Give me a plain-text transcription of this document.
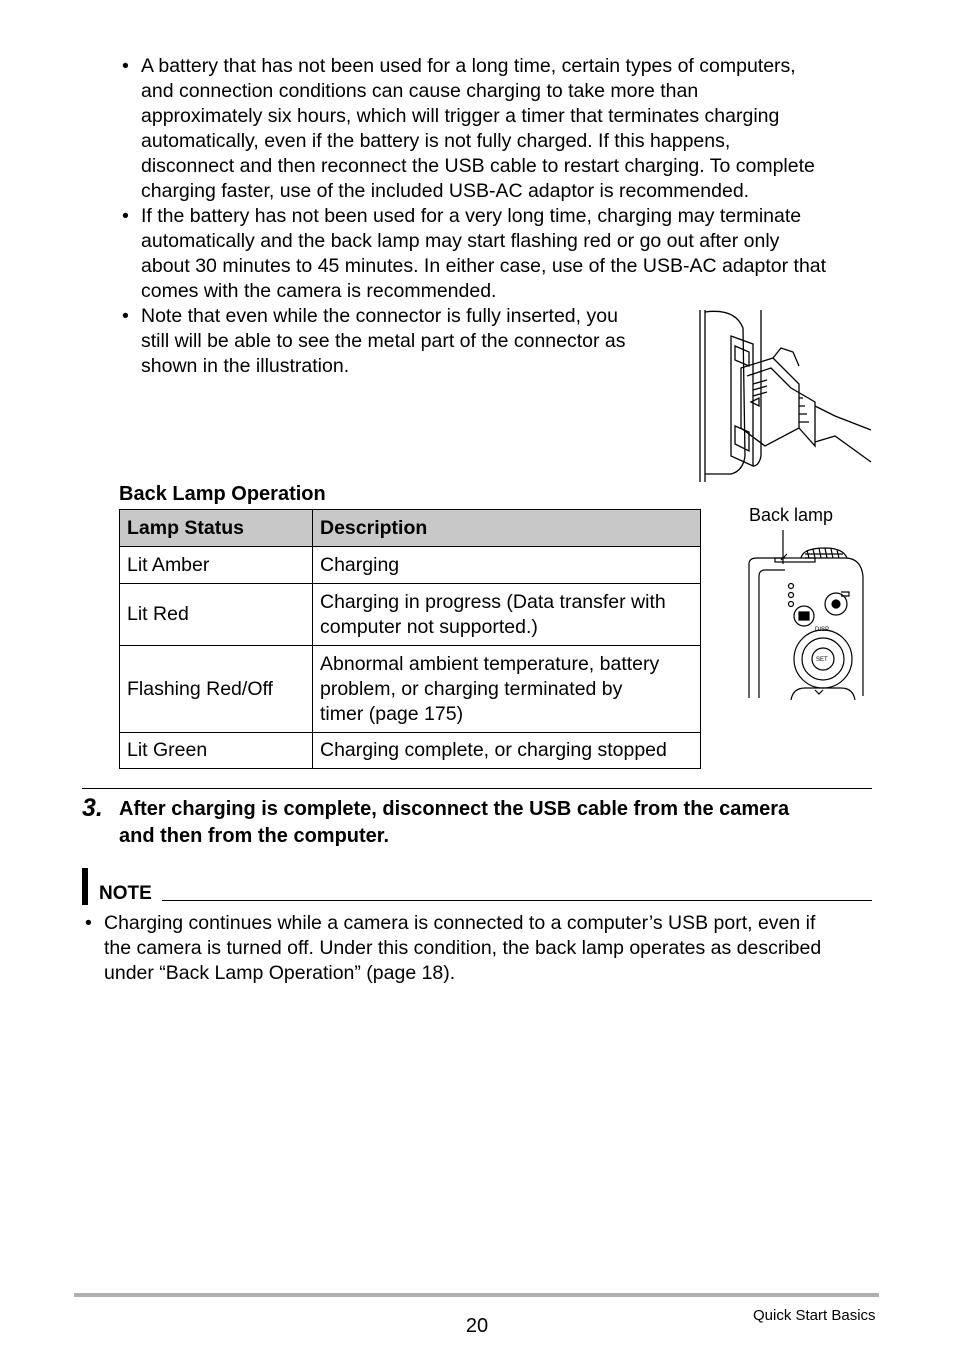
• A battery that has not been used for a long time, certain types of computers,

and connection conditions can cause charging to take more than

approximately six hours, which will trigger a timer that terminates charging

automatically, even if the battery is not fully charged. If this happens,

disconnect and then reconnect the USB cable to restart charging. To complete

charging faster, use of the included USB-AC adaptor is recommended.

• If the battery has not been used for a very long time, charging may terminate

automatically and the back lamp may start flashing red or go out after only

about 30 minutes to 45 minutes. In either case, use of the USB-AC adaptor that

comes with the camera is recommended.

• Note that even while the connector is fully inserted, you

still will be able to see the metal part of the connector as

shown in the illustration.

Back Lamp Operation
Lamp Status	Description
Lit Amber	Charging

Lit Red	Charging in progress (Data transfer with
computer not supported.)

Flashing Red/Off	Abnormal ambient temperature, battery
problem, or charging terminated by
timer (page 175)

Lit Green	Charging complete, or charging stopped
Back lamp
DISP
SET
3. After charging is complete, disconnect the USB cable from the camera
and then from the computer.
NOTE
• Charging continues while a camera is connected to a computer’s USB port, even if

the camera is turned off. Under this condition, the back lamp operates as described

under “Back Lamp Operation” (page 18).

20	Quick Start Basics
